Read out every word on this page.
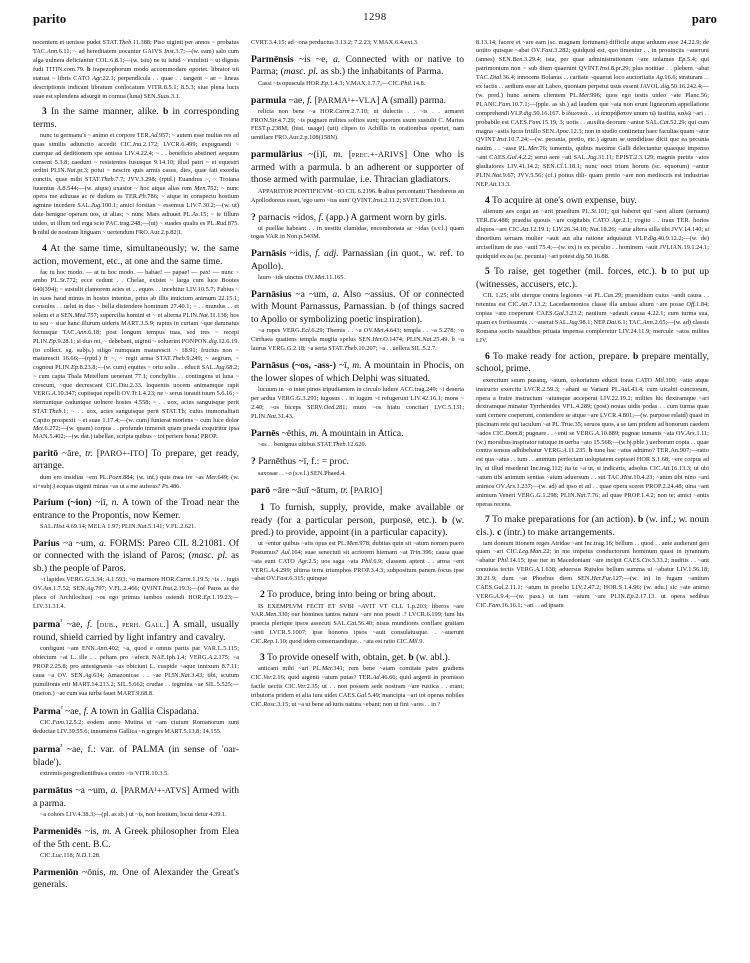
parito	1298	paro

nocentem et uenisse pudet STAT.Theb.11.388; Piso uiginti per annos ~ probatus TAC.Ann.6.11; ~ ad hereditatem uocantur GAIVS Inst.3.7;—(w. eam) salo cum alga uulnera deficiantur COL.6.8.1;—(w. istu) ne tu istud ~ extulisti ~ ut dignus fudi TITIN.com.79. b trapezophorum modo accommodare oportet. librator uti statuat ~ libris CATO Agr.22.1; perpendicula . . quae . . tangent ~ ae ~ lineas descriptionis indicant libratum conlocatum VITR.8.5.1; 8.5.3; siue plena lucis suae est splendens adsurgit in cornua (luna) SEN.Suas.3.1.

3 In the same manner, alike. b in corresponding terms.

nunc tu germanu's ~ animo et corpore TER.Ad.957; ~ autem esse multas res ad quas similis adiunctio accedit CIC.Inu.2.172; LVCR.6.499; expugnandi ~ cuerque ad deditionem spe amissa LIV.4.22.4; ~ . . beneficio abstineri aequum censent 5.3.8; caedunt ~ resistentes fususque 9.14.10; illud patri ~ et equestri ordini PLIN.Nat.pr.3; potui ~ nescire quis armis casus, dies, quae fati exordia cunctis, quae mihi STAT.Theb.7.7; JVV.3.298; (rptd.) Euandrus ~, ~ Troiana iuuentus A.8.544;—(w. atque) uxastor ~ hoc atque alias rem Men.752; ~ nunc opera me adiuuas ac re dudum es TER.Ph.786; ~ atque in conspectu hostium agmine incedere SAL.Jug.100.1; amici forsitan ~ essemus LIV.7.30.2;—(w. ut) date benigne operam uos, ut alias; ~ nunc Mars adiuuet PL.As.15; ~ te fillum uideo, ut illum ted erga scio PAC.trag.248;—(ut) ~ suades qualis es PL.Rud.875. b nihil de nostram linguam ~ uertendum FRO.Aur.2.p.82|1.

4 At the same time, simultaneously; w. the same action, movement, etc., at one and the same time.

fac tu hoc modo. — at tu hoc modo. — babae! — papae! — pax! — nunc ~ ambo PL.St.772; ecce cedunt . . Chelae, existet ~ larga cum luce Bootes 640(394); ~ sustulit clamorem acies et . . equos . . incehitur LIV.10.5.7; Fabius ~ in suos haud minus in hostes intentus, prius ab illis inuictum animum 22.15.1; consules . . uelut in duo ~ bella distendere hominum 27.40.1; ~ . . mundus . . et solem et a SEN.Med.757; supercilia homini et ~ et alterna PLIN.Nat.11.138; hos tu seu ~ siue hanc illurum uideris MART.3.5.9; raptus in curiam ~que damnatus fectusque TAC.Ann.6.18; post longum tempus tuas, sed tres ~ recepi PLIN.Ep.9.28.1; si duo rei, ~ debebant, uiginti ~ soluerint PONPON.dig.12.6.19. (to collect. sg. subjs.) siligo numquam maturescit ~ 18.91; fructus non ~ maturescit 16.66;—(rptd.) fr ~, ~ regit arma STAT.Theb.9.249; ~ aegrum, ~ cognoui PLIN.Ep.8.23.8;—(w. cum) equites ~ ortu solis . . educit SAL.Jug.68.2; ~ cum capta Thala Metellum uenerant 77.1; conchyliis . . contingens ut luna ~ crescunt, ~que decrescant CIC.Diu.2.33. loquentis uocem animamque rapit VERG.A.10.347; cupiisque repelli OV.Tr.1.4.23; ne ~ serus iurauit tuum 5.6.16; ~ sternuntque caduntque uolnere hostes 4.558; ~ . . uox, acies sanguisque perit STAT.Theb.1; ~ . . uox, acies sanguisque perit STAT.Th; cuius immortalitati Capito prospexit ~ et suae 1.17.4;—(w. cum) funierat moriens ~ cum luce dolor Met.6.272;—(w. quam) corpus . . profundo inmersit quam praeda exquiritur ipsa MAN.5.402;—(w. dat.) tabellae, scripta quibus ~ tot periere bona! PROP.

paritō ~āre, tr. [PARO+-ITO] To prepare, get ready, arrange.

dum ero insidias ~em PL.Poen.884; (w. inf.) quis mea ire ~as Mer.649; (w. si+subj.) ecquas uiginti minas ~as ut a me auferas? Ps.486.

Parium (~ion) ~iī, n. A town of the Troad near the entrance to the Propontis, now Kemer.

SAL.Hist.4.69.14; MELA 1.97; PLIN.Nat.5.141; V.FL.2.621.

Parius ~a ~um, a. FORMS: Pareo CIL 8.21081. Of or connected with the island of Paros; (masc. pl. as sb.) the people of Paros.

~i lapides VERG.G.3.34; A.1.593; ~o marmore HOR.Carm.1.19.5; ~is . . iugis OV.Am.1.7.52; SEN.Ag.797; V.FL.2.466; QVINT.Inst.2.19.3;—(of Paros as the place of Archilochus) ~os ego primus iambos ostendi HOR.Ep.1.19.23;—LIV.31.31.4.

parma$^{^1}$ ~ae, f. [dub., perh. Gall.] A small, usually round, shield carried by light infantry and cavalry.

configunt ~am ENN.Ann.402; ~a, quod e omnis partis par VAR.L.5.115; obiectum ~ai L. ille . . peltam pro ~afecit NAE.Iph.1.4; VERG.A.2.175; ~a PROP.2.25.8; pro antesignanis ~as obiciunt L. cuspide ~aque innixum 8.7.11; caua ~a OV. SEN.Ag.634; Amazonicae . . ~ae PLIN.Nat.3.43; tibi, scutum pumilionis erit MART.14.213.2; SIL.5.662; crudae . . tegmina ~ae SIL.5.525;—(meton.) ~ae cum sua turba fauet MART.9.68.8.

Parma$^{^2}$ ~ae, f. A town in Gallia Cispadana.

CIC.Fam.12.5.2; eodem anno Mutina et ~am ciuium Romanorum sunt deductae LIV.39.55.6; innumeros Gallica ~n greges MART.5.13.8; 14.155.

parma$^{^3}$ ~ae, f.: var. of PALMA (in sense of 'oar-blade').

extremis progredientibus a centro ~is VITR.10.3.5.

parmātus ~a ~um, a. [PARMA¹+-ATVS] Armed with a parma.

~a cohors LIV.4.38.3;—(pl. as sb.) ut ~is, non hostium, locus detur 4.39.1.

Parmenidēs ~is, m. A Greek philosopher from Elea of the 5th cent. B.C.

CIC.Luc.118; N.D.1.28.

Parmeniōn ~ōnis, m. One of Alexander the Great's generals.

CVRT.3.4.15; ad ~ona perductus 3.13.2; 7.2.23; V.MAX.6.4.ext.3.

Parmēnsis ~is ~e, a. Connected with or native to Parma; (masc. pl. as sb.) the inhabitants of Parma.

Cassi ~is opuscula HOR.Ep.1.4.3; V.MAX.1.7.7;—CIC.Phil.14.8.

parmula ~ae, f. [PARMA¹+-VLA] A (small) parma.

relicta non bene ~a HOR.Carm.2.7.10; ut dulectis . . ~is . . armaret FRON.Str.4.7.29; ~is pugnare milites solitos sunt; quorum usum sustulit C. Marius FEST.p.238M; (hist. usage) (uti) clipeo to Achillis in orationibus oportet, nam uentilare FRO.Aur.2.p.108(158N).

parmulārius ~(i)ī, m. [prec.+-ARIVS] One who is armed with a parmula. b an adherent or supporter of those armed with parmulae, i.e. Thracian gladiators.

APPARITOR PONTIFICVM ~IO CIL 6.2196. b alius percontanti Theodoreus an Apollodoreus esset, 'ego uero ~ius sum' QVINT.Inst.2.11.2; SVET.Dom.10.1.

? parnacis ~idos, f. (app.) A garment worn by girls.

ut puellae habeant . . in uestitu clamidas, encombonata ac ~idas (s.v.l.) quam togas VAR.in Non.p.543M.

Parnāsis ~idis, f. adj. Parnassian (in quot., w. ref. to Apollo).

lauro ~ide uinctus OV.Met.11.165.

Parnāsius ~a ~um, a. Also ~assius. Of or connected with Mount Parnassus, Parnassian. b (of things sacred to Apollo or symbolizing poetic inspiration).

~a rupes VERG.Ecl.6.29; Themis . . ~a OV.Met.4.643; templa . . ~a 5.278; ~o Cirrhaea quatiens templa mugita spelus SEN.Her.O.1474; PLIN.Nat.25.49. b ~a laurus VERG.G.2.18; ~a serta STAT.Theb.10.207; ~a . . uellera SIL.5.2.7.

Parnāsus (~os, -ass-) ~ī, m. A mountain in Phocis, on the lower slopes of which Delphi was situated.

lucuum in ~o inter pinos tripudiantem in circulo ludere ACC.trag.249; ~i deserta per ardua VERG.G.3.291; iugosus . . in iugum ~i refugerunt LIV.42.16.1; mons ~ 2.40; ~os biceps SERV.Oed.281; muto ~os hiatu concitari LVC.5.131; PLIN.Nat.31.43.

Parnēs ~ēthis, m. A mountain in Attica.

~es . . benignus uitibus STAT.Theb.12.620.

? Parnēthus ~ī, f.: = proc.

saxosae . . ~o (s.v.l.) SEN.Phaed.4.

parō ~āre ~āuī ~ātum, tr. [PARIO]

1 To furnish, supply, provide, make available or ready (for a particular person, purpose, etc.). b (w. pred.) to provide, appoint (in a particular capacity).

ut ~entur quibus ~atis opus est PL.Men.978; dubitas quin sit ~atum nomen puero Postumus? Aul.164; suae senectuti sit acriorem hiemarn ~at Trin.396; causa quae ~ata sunt CATO Agr.2.5; uos saga ~ata Phil.6.9; classem aptent . . arma ~ent VERG.A.4.299; ultima terra triumphos PROP.3.4.3; subpositum panem focus ipse ~abat OV.Fast.6.315; quinque

2 To produce, bring into being or bring about.

IS EXEMPLVM FECIT ET SVBI ~AVIT VT CLL 1.p.203; liberos ~are VAR.Men.330; our homines tantos natura ~are non possit .? LVCR.6.199; tum his praecia plerique ipsos assecuti SAL.Cat.56.40; nisus mundiores conflare gratiam ~anti LVCR.5.1007; ipse honores ipsos ~auit consulatusque. . ~auerunt CIC.Rep.1.10; quod idem conseruandique. . ~ata est ratio CIC.Mil.9.

3 To provide oneself with, obtain, get. b (w. abl.).

anticani mihi ~ari PL.Mer.341; rem bene ~atam comitate patre gradiens CIC.Ver.2.16; quid argenti ~atum putas? TER.Ad.46.66; quid argenti in promisso facile uectis CIC.Ver.2.35; ut . . non possem sede nostram ~are rustica . . erant; tributoris pridem et alia iura uidet CAES.Gal.5.49; mancipia ~ari tot operas nobiles CIC.Rosc.3.15; ut ~a ut bene ad iuris natura ~ebant; non ut fini ~ares . . in ?

8.13.14; facere et ~are eam (sc. magnam fortunam) difficile atque arduum esse 24.22.9; de uotito quisque ~abat OV.Fast.3.282; quidquid est, quo timentur . . in prouinciis ~auerunt (annes) SEN.Ben.3.29.4; ista, per quae administrationem ~are uolamus Ep.5.4; qui patrimonium non ~ sub diem quaerunt QVINT.Inst.8.pr.29; plus notitiae . . plebem ~abat TAC.Dial.36.4; innocens Bolanus . . caritate ~quaerat loco auctoritatis Ag.16.6; straturam . . ex factis . . aedium esse ait Labeo, quoniam perpetui usus essent JAVOL.dig.50.16.242.4;—(w. pred.) hunc senem clientem PL.Mer.996; quos ego testis uideo ~ate Planc.56; PLANC.Fam.10.7.1;—(pple. as sb.) ad laudem que ~ata non erunt ligneorum appellatione comprehendi VLP.dig.50.16.167. b ἰδιωτικὰ . . εἰ ἁπαράβατον unum τῷ iustitia, καλῷ ~ari . . probabile est CAES.Fam.15.19, 3; uotis . . auxilia deorum ~antur SAL.Cat.52.29; qui cum magna ~astis lucra fritillo SEN.Apoc.12.3; non in studio continetur haec faculias quam ~atur QVINT.Inst.10.7.24;—(w. pecunia, pretio, etc.) agrum se uendidisse dicit que ea pecunia nauim . . ~asse PL.Mer.76; iumentis, quibus maxime Galli delectantur quaeque impenso ~ant CAES.Gal.4.2.2; serui aere ~ati SAL.Jug.31.11; EPIST.2.3.129; magnis pretiis ~atos gladiatores LIV.41.14.2; SEN.Cl.1.18.1; nunc ooci trium horum (sc. equorum) ~antur PLIN.Nat.9.67; JVV.5.56; (cf.) potius dili- quam pretio ~are non mediocris est industriae NEP.Att.13.3.

4 To acquire at one's own expense, buy.

alienum aes cogat an ~arit praedium PL.St.101; qui haberet qui ~aret alium (seruum) TER.Eu.488; praedia quouis ~are cogitabis CATO Agr.2.1; cogito . . iraus TER. hortos aliquos ~are CIC.Att.12.19.1; LIV.26.34.10; Nat.18.26; ~atur altera uilla tibi JVV.14.140; si dinortium seruam mulier ~auit aut alia ratione adquisiuit VLP.dig.40.9.12.2;—(w. de) arcisellium de suo ~auit 75.4;—(w. ex) is ex peculio . . hominem ~auit JVLIAN.19.1.24.1; quidquid ex ea (sc. pecunia) ~ari potest dig.50.16.88.

5 To raise, get together (mil. forces, etc.). b to put up (witnesses, accusers, etc.).

CIL 1.25; sibi uterque contra legiones ~at PL.Cas.29; praesidium cuius ~andi causa . . retentus est CIC.Att.7.13.2; Lacedaemonios classe illa amissa alium ~are posse Off.1.84; copias ~are coeperunt CAES.Gal.3.23.2; nauiium ~adauit causa 4.22.1; cum turma sua, quam ex fortissumis . . ~auerat SAL.Jug.98.1; NEP.Dat.6.1; TAC.Ann.2.65;—(w. ad) classis Romana sociis naualibus priuata impensa compleretur LIV.24.11.9; mercule ~atos milites LIV.

6 To make ready for action, prepare. b prepare mentally, school, prime.

exercitum suum pusanq, ~atum, cohortatum educit foras CATO Mil.100; ~atio atque instructo exercitu LVCR.2.59.3; ~abant se Variani PL.Aul.43.4; cum uicabit cunctorum, opera a fratre instructum ~atumque acceperat LIV.22.19.2; milites hic dextramque ~ari dextramque minatur Tyrrhenides VFL.4.289; (post) nouas uidis podas . . cum turma quae suni cernere coeperunt, contendere se atque ~are LVCR.4.801;—(w. purpose relatd) quasi in piscinam rete qui iaculum ~at PL.True.35; seruos quos, a se iam pridem ad honorum caedem ~ados CIC.Dom.8; pugnare . . ~enti se VERG.A.10.889; pugnae inmanis ~ata OV.Ars.1.11; (w.) morsibus inspirator ratuque in uerba ~ato 15.568;—(w.bj.pble.) uerborum copia . . quae contra sensus adhibebatur VERG.A.11.235. b tune hac ~atus adnimo? TER.An.907;—ratio est qua ~atus . . tum . . animum perfectam uoluptatem cepisset HOR.S.1.68; ~ere corpus ad in, ut illud resederat Inc.trag.112; ita te ~a ut, si indicaris, adsolus CIC.Att.16.13.3; ut ubi ~atum tibi animum sentias ~atum aduersum . . sui TAC.Hist.10.4.23; ~atum tibi nino ~ani animos OV.Ars.1.237;—(w. ad) ad ipso et ad . . quae opera sceret PROP.2.24.48; uina ~ant animum Veneri VERG.G.1.298; PLIN.Nat.7.76; ad quae PROP.1.4.2; non te; amici ~antis operas recens.

7 To make preparations for (an action). b (w. inf.; w. noun cls.). c (intr.) to make arrangements.

iam domum itionem reges Atridae ~ant Inc.trag.16; bellum . . quod . . ante audierant geri quam ~ari CIC.Leg.Man.22; in me impetus conductorum hominum quasi in tyrannum ~abatur Phil.14.15; ipse iter in Macedoniam ~are incipit CAES.Civ.3.33.2; nuditis . . ~ant conuiuia tectis VERG.A.1.638; aduersus Rutulos bellum summa ui ~abatur LIV.1.56.18; 30.21.9; dum ~at Phoebus diem SEN.Her.Fur.127;—(w. in) in fugam ~antium CAES.Gal.2.11.1; ~atum in proelio LIV.2.47.2; HOR.S.1.4.96; (w. adu.) sic ~ate animo VERG.A.9.4;—(w. pass.) ut iam ~atum ~are PLIN.Ep.2.17.13. ut opera sedibus CIC.Fam.16.16.1; ~ari . . ad ipsam
